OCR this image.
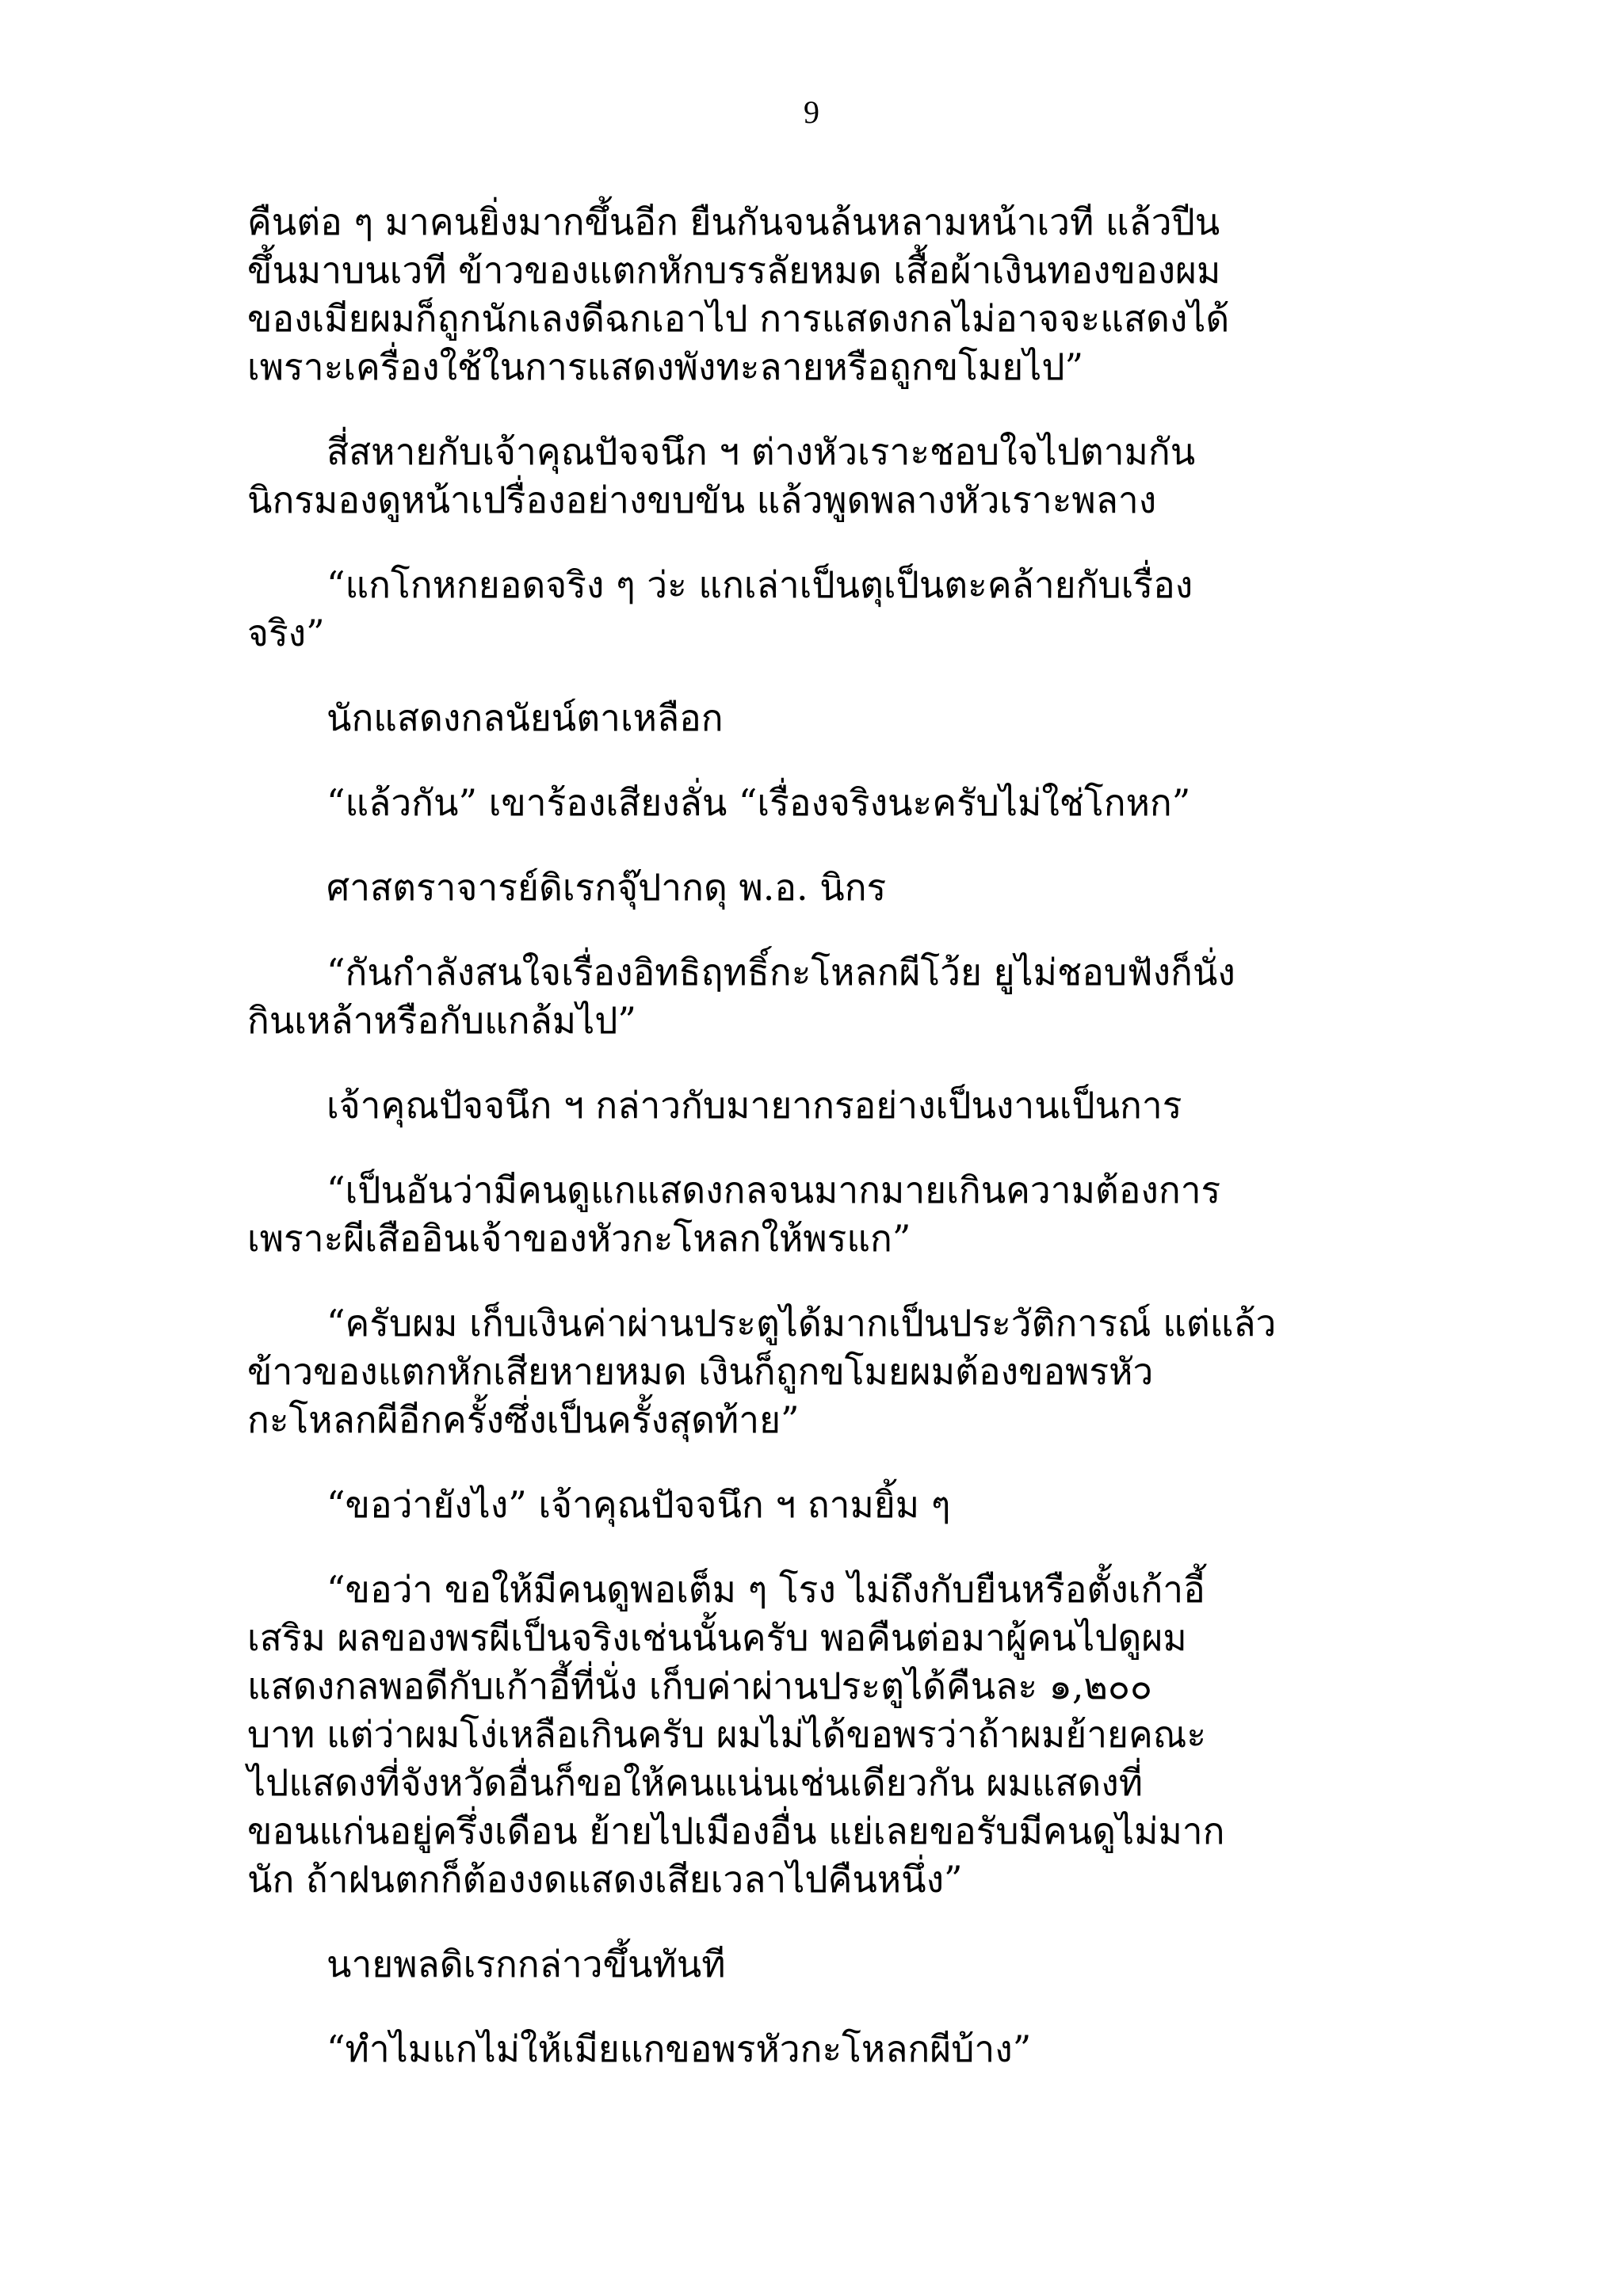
9
คืนต่อ ๆ มาคนยิ่งมากขึ้นอีก ยืนกันจนล้นหลามหน้าเวที แล้วปีน
ขึ้นมาบนเวที ข้าวของแตกหักบรรลัยหมด เสื้อผ้าเงินทองของผม
ของเมียผมก็ถูกนักเลงดีฉกเอาไป การแสดงกลไม่อาจจะแสดงได้
เพราะเครื่องใช้ในการแสดงพังทะลายหรือถูกขโมยไป”
สี่สหายกับเจ้าคุณปัจจนึก ฯ ต่างหัวเราะชอบใจไปตามกัน
นิกรมองดูหน้าเปรื่องอย่างขบขัน แล้วพูดพลางหัวเราะพลาง
“แกโกหกยอดจริง ๆ ว่ะ แกเล่าเป็นตุเป็นตะคล้ายกับเรื่อง
จริง”
นักแสดงกลนัยน์ตาเหลือก
“แล้วกัน” เขาร้องเสียงลั่น “เรื่องจริงนะครับไม่ใช่โกหก”
ศาสตราจารย์ดิเรกจุ๊ปากดุ พ.อ. นิกร
“กันกำลังสนใจเรื่องอิทธิฤทธิ์กะโหลกผีโว้ย ยูไม่ชอบฟังก็นั่ง
กินเหล้าหรือกับแกล้มไป”
เจ้าคุณปัจจนึก ฯ กล่าวกับมายากรอย่างเป็นงานเป็นการ
“เป็นอันว่ามีคนดูแกแสดงกลจนมากมายเกินความต้องการ
เพราะผีเสืออินเจ้าของหัวกะโหลกให้พรแก”
“ครับผม เก็บเงินค่าผ่านประตูได้มากเป็นประวัติการณ์ แต่แล้ว
ข้าวของแตกหักเสียหายหมด เงินก็ถูกขโมยผมต้องขอพรหัว
กะโหลกผีอีกครั้งซึ่งเป็นครั้งสุดท้าย”
“ขอว่ายังไง” เจ้าคุณปัจจนึก ฯ ถามยิ้ม ๆ
“ขอว่า ขอให้มีคนดูพอเต็ม ๆ โรง ไม่ถึงกับยืนหรือตั้งเก้าอี้
เสริม ผลของพรผีเป็นจริงเช่นนั้นครับ พอคืนต่อมาผู้คนไปดูผม
แสดงกลพอดีกับเก้าอี้ที่นั่ง เก็บค่าผ่านประตูได้คืนละ ๑,๒๐๐
บาท แต่ว่าผมโง่เหลือเกินครับ ผมไม่ได้ขอพรว่าถ้าผมย้ายคณะ
ไปแสดงที่จังหวัดอื่นก็ขอให้คนแน่นเช่นเดียวกัน ผมแสดงที่
ขอนแก่นอยู่ครึ่งเดือน ย้ายไปเมืองอื่น แย่เลยขอรับมีคนดูไม่มาก
นัก ถ้าฝนตกก็ต้องงดแสดงเสียเวลาไปคืนหนึ่ง”
นายพลดิเรกกล่าวขึ้นทันที
“ทำไมแกไม่ให้เมียแกขอพรหัวกะโหลกผีบ้าง”
